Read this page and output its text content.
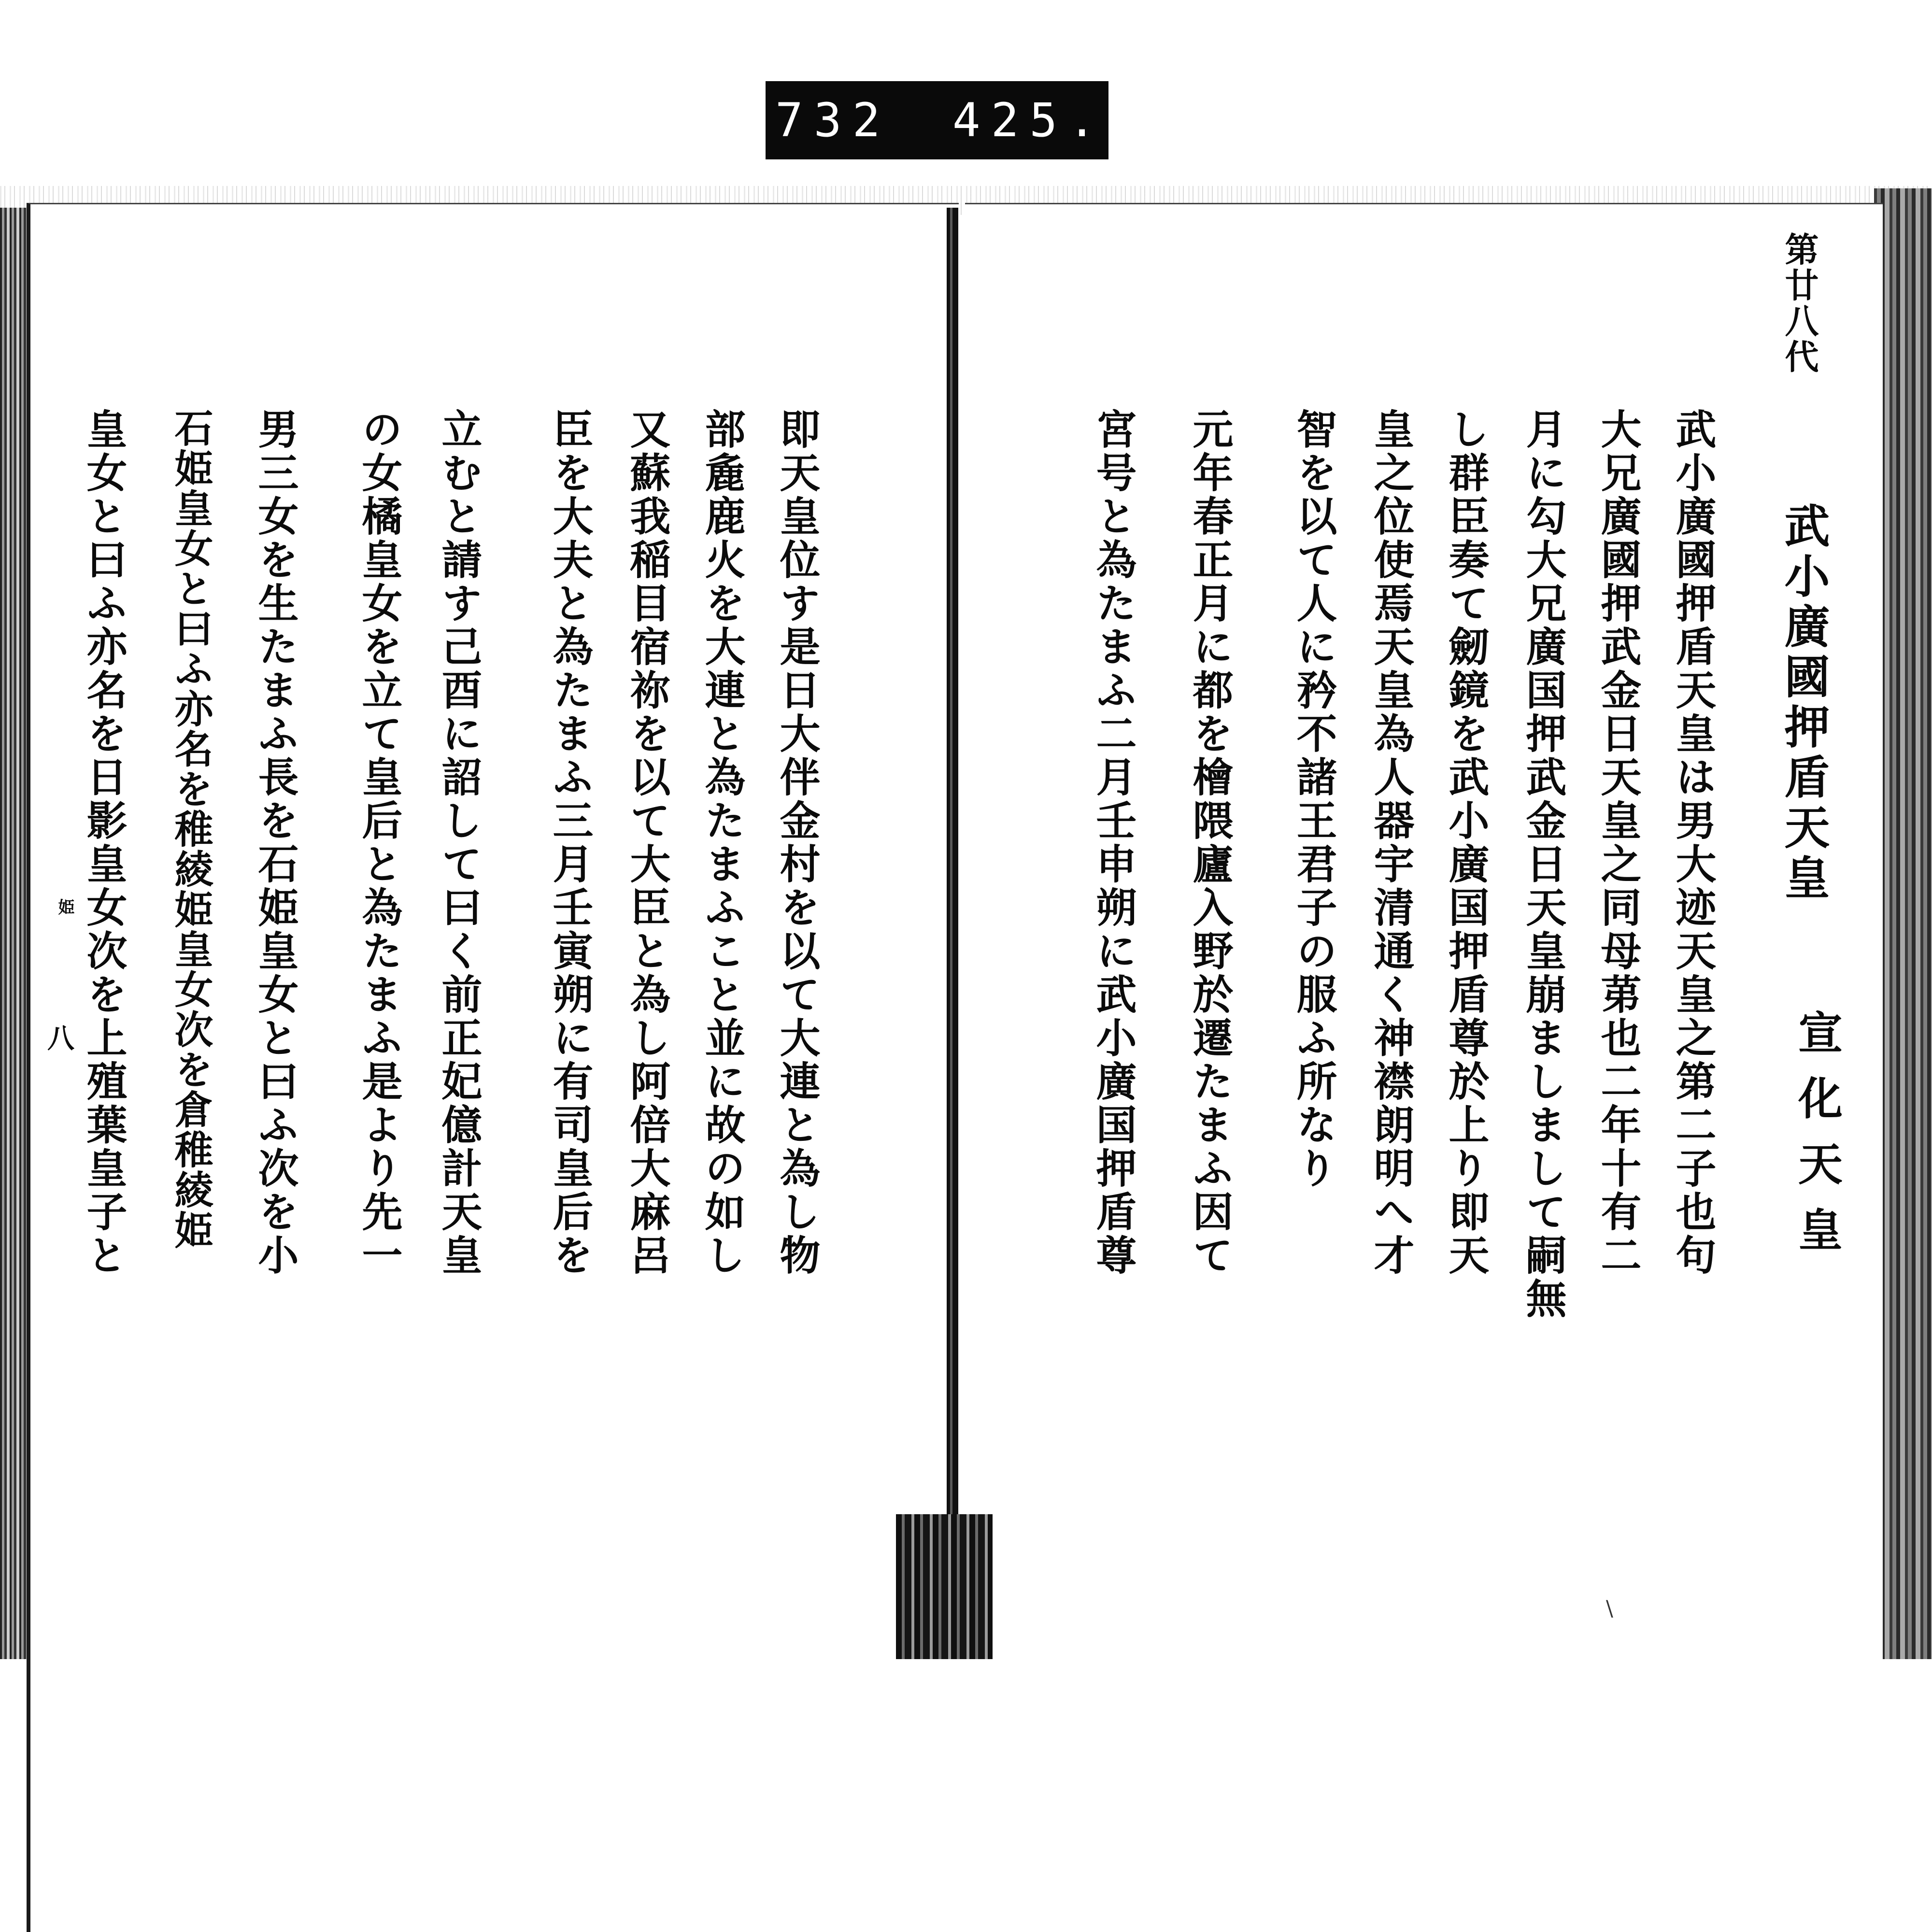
732 425.
第廿八代
武小廣國押盾天皇
宣化天皇
武小廣國押盾天皇は男大迹天皇之第二子也句
大兄廣國押武金日天皇之同母苐也二年十有二
月に勾大兄廣国押武金日天皇崩ましまして嗣無
し群臣奏て劒鏡を武小廣国押盾尊於上り即天
皇之位使焉天皇為人器宇清通く神襟朗明へ才
智を以て人に矜不諸王君子の服ふ所なり
元年春正月に都を檜隈廬入野於遷たまふ因て
宮号と為たまふ二月壬申朔に武小廣国押盾尊
即天皇位す是日大伴金村を以て大連と為し物
部麁鹿火を大連と為たまふこと並に故の如し
又蘇我稲目宿祢を以て大臣と為し阿倍大麻呂
臣を大夫と為たまふ三月壬寅朔に有司皇后を
立むと請す己酉に詔して曰く前正妃億計天皇
の女橘皇女を立て皇后と為たまふ是より先一
男三女を生たまふ長を石姫皇女と曰ふ次を小
石姫皇女と曰ふ亦名を稚綾姫皇女次を倉稚綾姫
皇女と曰ふ亦名を日影皇女次を上殖葉皇子と
姫
八
\
